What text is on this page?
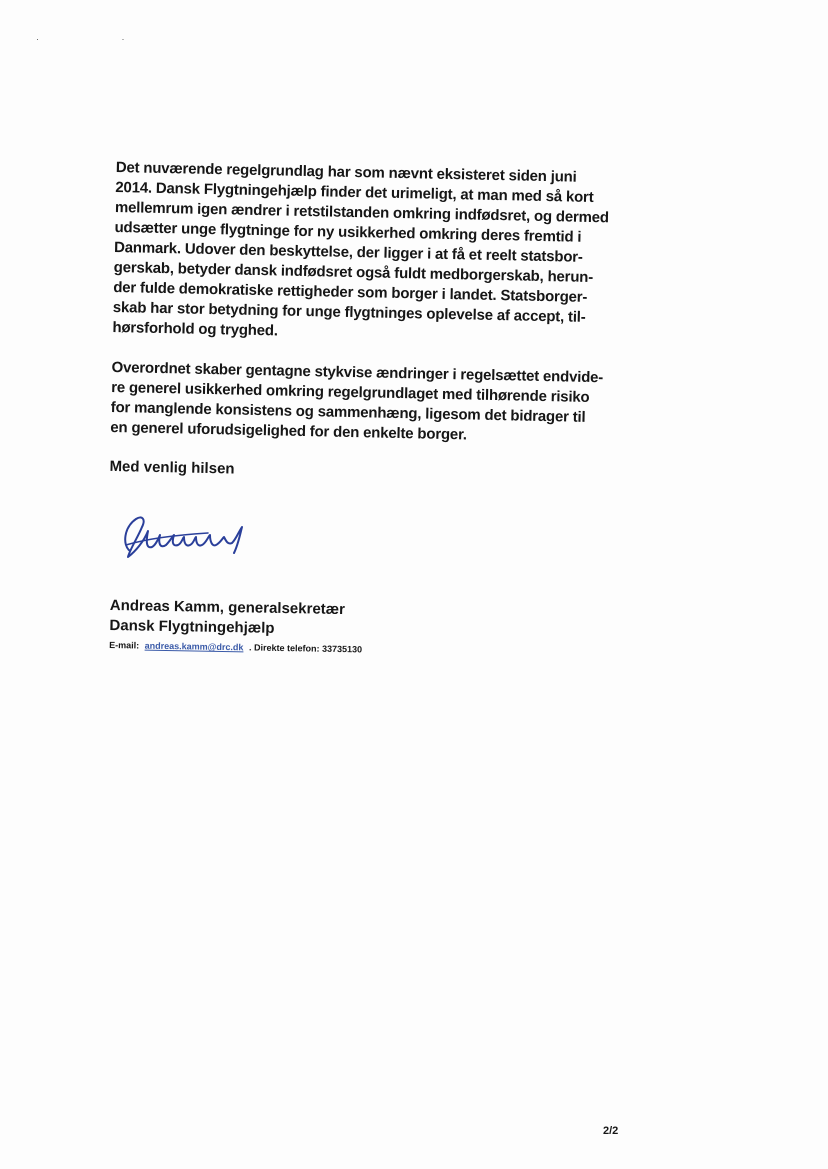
· ·

Det nuværende regelgrundlag har som nævnt eksisteret siden juni
2014. Dansk Flygtningehjælp finder det urimeligt, at man med så kort
mellemrum igen ændrer i retstilstanden omkring indfødsret, og dermed
udsætter unge flygtninge for ny usikkerhed omkring deres fremtid i
Danmark. Udover den beskyttelse, der ligger i at få et reelt statsbor-
gerskab, betyder dansk indfødsret også fuldt medborgerskab, herun-
der fulde demokratiske rettigheder som borger i landet. Statsborger-
skab har stor betydning for unge flygtninges oplevelse af accept, til-
hørsforhold og tryghed.

Overordnet skaber gentagne stykvise ændringer i regelsættet endvide-
re generel usikkerhed omkring regelgrundlaget med tilhørende risiko
for manglende konsistens og sammenhæng, ligesom det bidrager til
en generel uforudsigelighed for den enkelte borger.

Med venlig hilsen

Andreas Kamm, generalsekretær

Dansk Flygtningehjælp

E-mail: andreas.kamm@drc.dk . Direkte telefon: 33735130
2/2
